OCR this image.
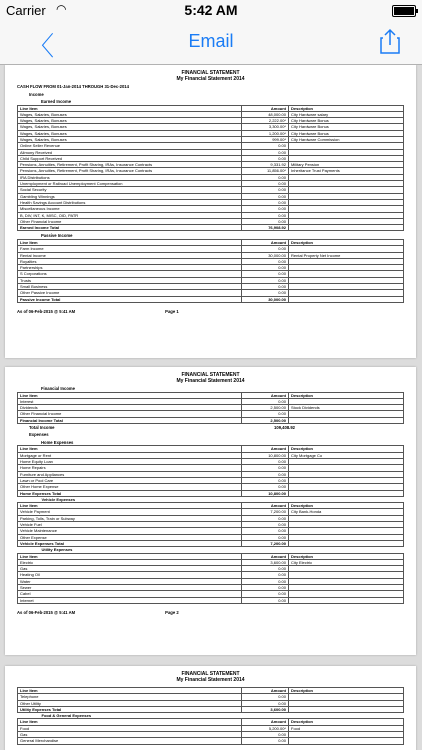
Carrier ◠	5:42 AM
〈	Email
FINANCIAL STATEMENT
My Financial Statement 2014
CASH FLOW FROM 01-Jan-2014 THROUGH 31-Dec-2014
Income
Earned Income
Line Item	Amount	Description
Wages, Salaries, Bonuses	48,000.00	City Hardware salary
Wages, Salaries, Bonuses	2,222.00*	City Hardware Bonus
Wages, Salaries, Bonuses	3,300.00*	City Hardware Bonus
Wages, Salaries, Bonuses	1,200.00*	City Hardware Bonus
Wages, Salaries, Bonuses	999.00*	City Hardware Commission
Online Seller Revenue	0.00	
Alimony Received	0.00	
Child Support Received	0.00	
Pensions, Annuities, Retirement, Profit Sharing, IRAs, Insurance Contracts	9,331.92	Military Pension
Pensions, Annuities, Retirement, Profit Sharing, IRAs, Insurance Contracts	11,856.00*	Inheritance Trust Payments
IRA Distributions	0.00	
Unemployment or Railroad Unemployment Compensation	0.00	
Social Security	0.00	
Gambling Winnings	0.00	
Health Savings Account Distributions	0.00	
Miscellaneous Income	0.00	
B, DIV, INT, K, MISC, OID, PATR	0.00	
Other Financial Income	0.00	
Earned Income Total	76,908.92	
Passive Income
Line Item	Amount	Description
Farm Income	0.00	
Rental Income	30,000.00	Rental Property Net Income
Royalties	0.00	
Partnerships	0.00	
S Corporations	0.00	
Trusts	0.00	
Small Business	0.00	
Other Passive Income	0.00	
Passive Income Total	30,000.00	
As of 06-Feb-2015 @ 5:41 AM	Page 1
FINANCIAL STATEMENT
My Financial Statement 2014
Financial Income
Line Item	Amount	Description
Interest	0.00	
Dividends	2,500.00	Stock Dividends
Other Financial Income	0.00	
Financial Income Total	2,500.00	
Total Income	109,408.92
Expenses
Home Expenses
Line Item	Amount	Description
Mortgage or Rent	10,800.00	City Mortgage Co
Home Equity Loan	0.00	
Home Repairs	0.00	
Furniture and Appliances	0.00	
Lawn or Pool Care	0.00	
Other Home Expense	0.00	
Home Expenses Total	10,800.00	
Vehicle Expenses		
Line Item	Amount	Description
Vehicle Payment	7,200.00	City Bank-Honda
Parking, Tolls, Train or Subway	0.00	
Vehicle Fuel	0.00	
Vehicle Maintenance	0.00	
Other Expense	0.00	
Vehicle Expenses Total	7,200.00	
Utility Expenses		
Line Item	Amount	Description
Electric	3,600.00	City Electric
Gas	0.00	
Heating Oil	0.00	
Water	0.00	
Sewer	0.00	
Cabel	0.00	
Internet	0.00	
As of 06-Feb-2015 @ 5:41 AM	Page 2
FINANCIAL STATEMENT
My Financial Statement 2014
Line Item	Amount	Description
Telephone	0.00	
Other Utility	0.00	
Utility Expenses Total	3,600.00	
Food & General Expenses		
Line Item	Amount	Description
Food	5,200.00*	Food
Gas	0.00	
General Merchandise	0.00	
